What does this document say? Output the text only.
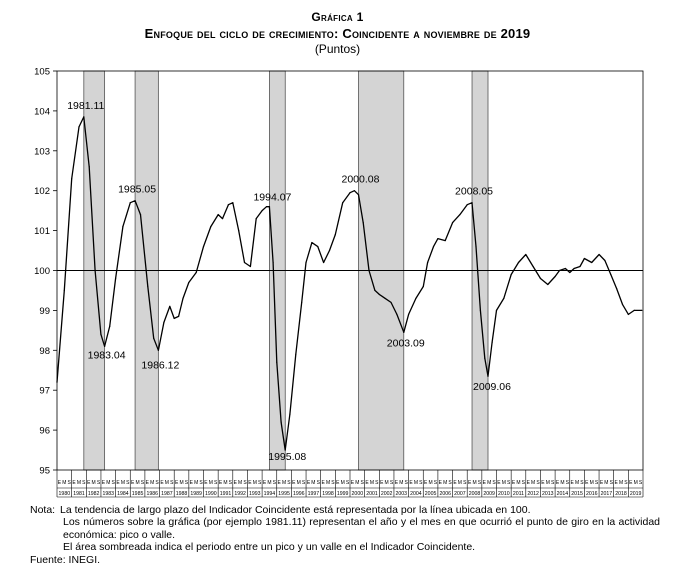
Gráfica 1
Enfoque del ciclo de crecimiento: Coincidente a noviembre de 2019
(Puntos)
95
96
97
98
99
100
101
102
103
104
105
E M S
1980
E M S
1981
E M S
1982
E M S
1983
E M S
1984
E M S
1985
E M S
1986
E M S
1987
E M S
1988
E M S
1989
E M S
1990
E M S
1991
E M S
1992
E M S
1993
E M S
1994
E M S
1995
E M S
1996
E M S
1997
E M S
1998
E M S
1999
E M S
2000
E M S
2001
E M S
2002
E M S
2003
E M S
2004
E M S
2005
E M S
2006
E M S
2007
E M S
2008
E M S
2009
E M S
2010
E M S
2011
E M S
2012
E M S
2013
E M S
2014
E M S
2015
E M S
2016
E M S
2017
E M S
2018
E M S
2019
1981.11
1983.04
1985.05
1986.12
1994.07
1995.08
2000.08
2003.09
2008.05
2009.06
Nota: La tendencia de largo plazo del Indicador Coincidente está representada por la línea ubicada en 100.
Los números sobre la gráfica (por ejemplo 1981.11) representan el año y el mes en que ocurrió el punto de giro en la actividad económica: pico o valle.
El área sombreada indica el periodo entre un pico y un valle en el Indicador Coincidente.
Fuente: INEGI.
